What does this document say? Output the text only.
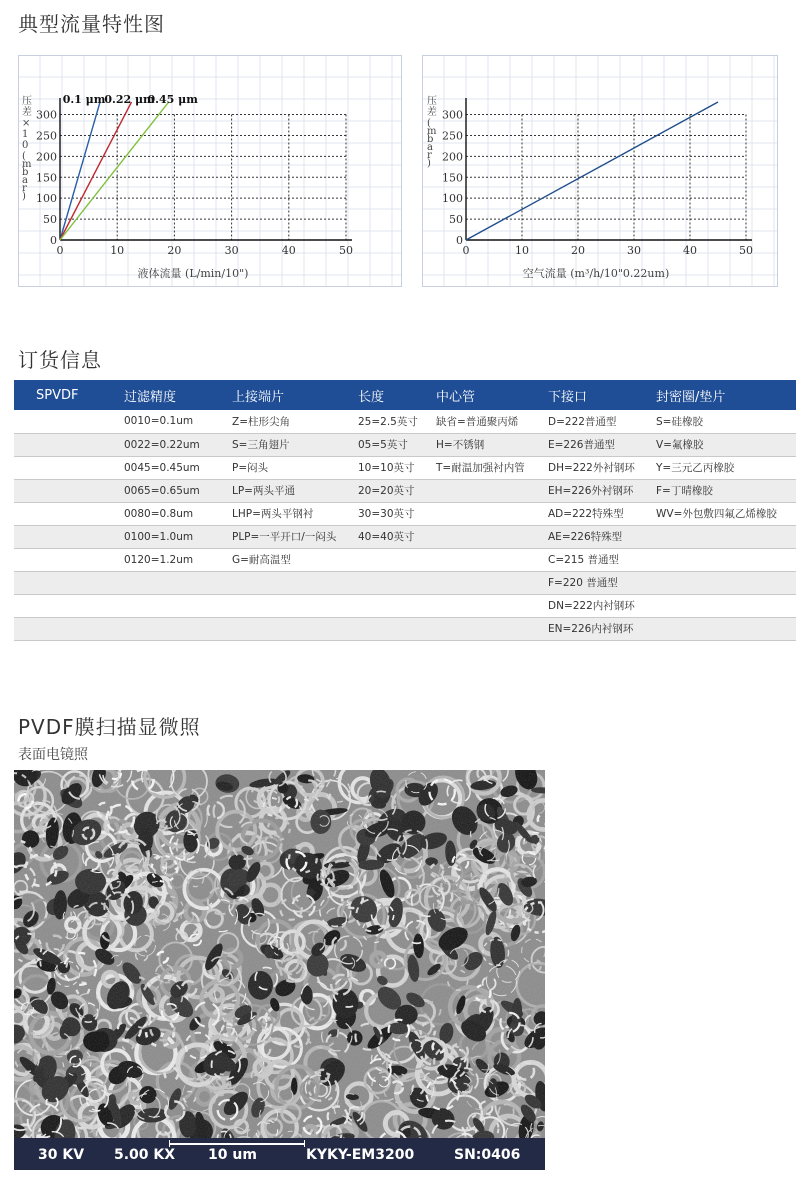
典型流量特性图
0	10	20	30	40	50
0
50
100
150
200
250
300
压差× 1 0 ( m b a r )
液体流量 (L/min/10")
0.1 μm
0.22 μm
0.45 μm
0	10	20	30	40	50
0
50
100
150
200
250
300
压差( m b a r )
空气流量 (m³/h/10"0.22um)
订货信息
SPVDF	过滤精度	上接端片	长度	中心管	下接口	封密圈/垫片
	0010=0.1um	Z=柱形尖角	25=2.5英寸	缺省=普通聚丙烯	D=222普通型	S=硅橡胶
	0022=0.22um	S=三角翅片	05=5英寸	H=不锈钢	E=226普通型	V=氟橡胶
	0045=0.45um	P=闷头	10=10英寸	T=耐温加强衬内管	DH=222外衬钢环	Y=三元乙丙橡胶
	0065=0.65um	LP=两头平通	20=20英寸		EH=226外衬钢环	F=丁晴橡胶
	0080=0.8um	LHP=两头平钢衬	30=30英寸		AD=222特殊型	WV=外包敷四氟乙烯橡胶
	0100=1.0um	PLP=一平开口/一闷头	40=40英寸		AE=226特殊型	
	0120=1.2um	G=耐高温型			C=215 普通型	
					F=220 普通型	
					DN=222内衬钢环	
					EN=226内衬钢环	
PVDF膜扫描显微照
表面电镜照
30 KV 5.00 KX 10 um	KYKY-EM3200	SN:0406
